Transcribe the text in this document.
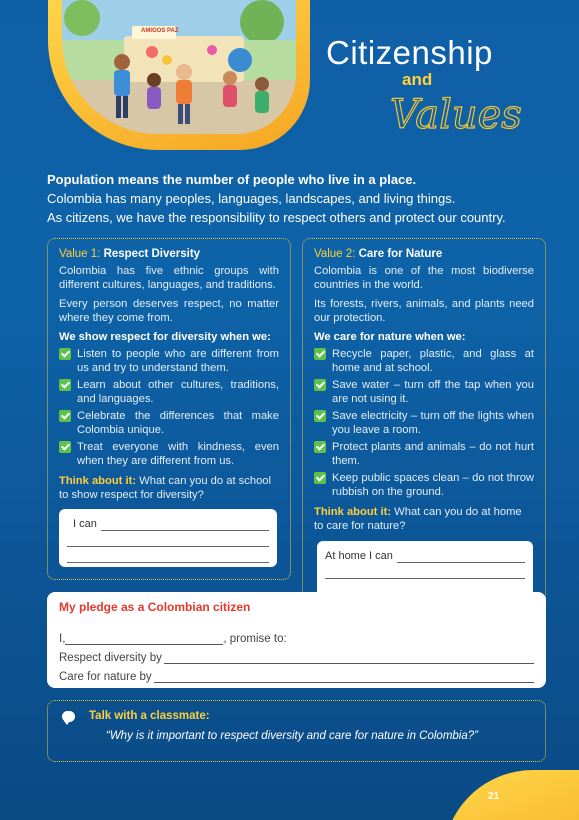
AMIGOS PAZ
Citizenship
and
Values
Population means the number of people who live in a place.
Colombia has many peoples, languages, landscapes, and living things.
As citizens, we have the responsibility to respect others and protect our country.
Value 1: Respect Diversity
Colombia has five ethnic groups with different cultures, languages, and traditions.
Every person deserves respect, no matter where they come from.
We show respect for diversity when we:
Listen to people who are different from us and try to understand them.
Learn about other cultures, traditions, and languages.
Celebrate the differences that make Colombia unique.
Treat everyone with kindness, even when they are different from us.
Think about it: What can you do at school to show respect for diversity?
I can
Value 2: Care for Nature
Colombia is one of the most biodiverse countries in the world.
Its forests, rivers, animals, and plants need our protection.
We care for nature when we:
Recycle paper, plastic, and glass at home and at school.
Save water – turn off the tap when you are not using it.
Save electricity – turn off the lights when you leave a room.
Protect plants and animals – do not hurt them.
Keep public spaces clean – do not throw rubbish on the ground.
Think about it: What can you do at home to care for nature?
At home I can
My pledge as a Colombian citizen
I,	, promise to:
Respect diversity by
Care for nature by
Talk with a classmate:
“Why is it important to respect diversity and care for nature in Colombia?”
21
